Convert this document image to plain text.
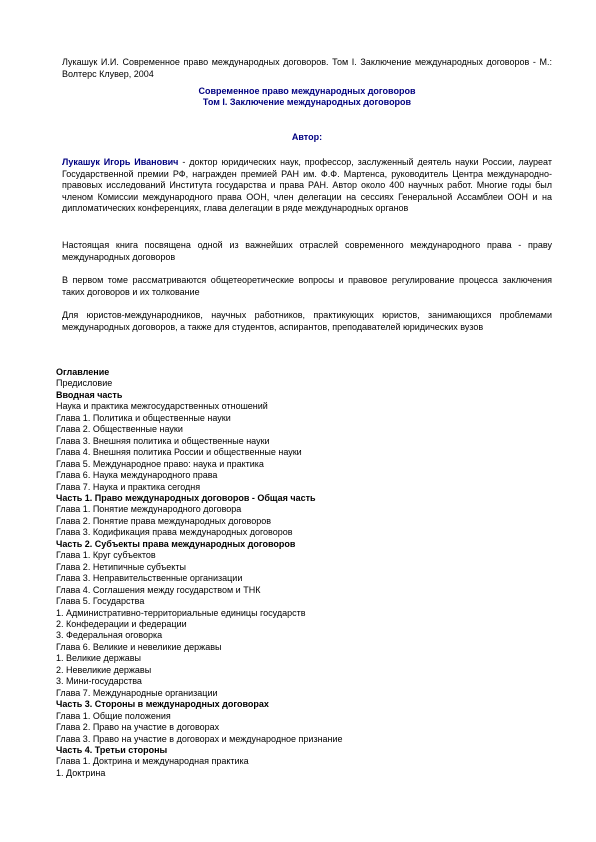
Лукашук И.И. Современное право международных договоров. Том I. Заключение международных договоров - М.: Волтерс Клувер, 2004
Современное право международных договоров
Том I. Заключение международных договоров
Автор:

Лукашук Игорь Иванович - доктор юридических наук, профессор, заслуженный деятель науки России, лауреат Государственной премии РФ, награжден премией РАН им. Ф.Ф. Мартенса, руководитель Центра международно-правовых исследований Института государства и права РАН. Автор около 400 научных работ. Многие годы был членом Комиссии международного права ООН, член делегации на сессиях Генеральной Ассамблеи ООН и на дипломатических конференциях, глава делегации в ряде международных органов

Настоящая книга посвящена одной из важнейших отраслей современного международного права - праву международных договоров

В первом томе рассматриваются общетеоретические вопросы и правовое регулирование процесса заключения таких договоров и их толкование

Для юристов-международников, научных работников, практикующих юристов, занимающихся проблемами международных договоров, а также для студентов, аспирантов, преподавателей юридических вузов

Оглавление
Предисловие
Вводная часть
Наука и практика межгосударственных отношений
Глава 1. Политика и общественные науки
Глава 2. Общественные науки
Глава 3. Внешняя политика и общественные науки
Глава 4. Внешняя политика России и общественные науки
Глава 5. Международное право: наука и практика
Глава 6. Наука международного права
Глава 7. Наука и практика сегодня
Часть 1. Право международных договоров - Общая часть
Глава 1. Понятие международного договора
Глава 2. Понятие права международных договоров
Глава 3. Кодификация права международных договоров
Часть 2. Субъекты права международных договоров
Глава 1. Круг субъектов
Глава 2. Нетипичные субъекты
Глава 3. Неправительственные организации
Глава 4. Соглашения между государством и ТНК
Глава 5. Государства
1. Административно-территориальные единицы государств
2. Конфедерации и федерации
3. Федеральная оговорка
Глава 6. Великие и невеликие державы
1. Великие державы
2. Невеликие державы
3. Мини-государства
Глава 7. Международные организации
Часть 3. Стороны в международных договорах
Глава 1. Общие положения
Глава 2. Право на участие в договорах
Глава 3. Право на участие в договорах и международное признание
Часть 4. Третьи стороны
Глава 1. Доктрина и международная практика
1. Доктрина
